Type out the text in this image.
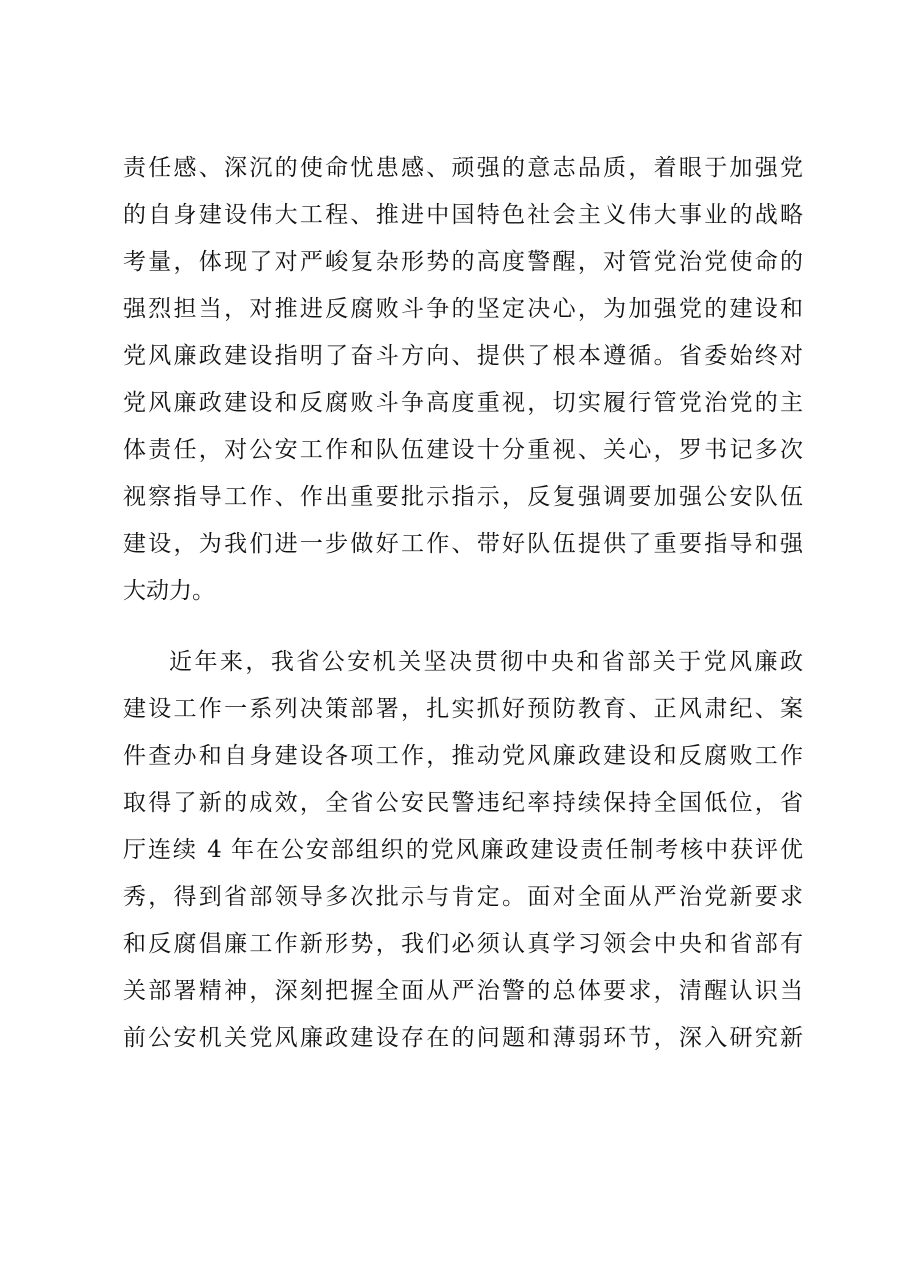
责任感、深沉的使命忧患感、顽强的意志品质，着眼于加强党
的自身建设伟大工程、推进中国特色社会主义伟大事业的战略
考量，体现了对严峻复杂形势的高度警醒，对管党治党使命的
强烈担当，对推进反腐败斗争的坚定决心，为加强党的建设和
党风廉政建设指明了奋斗方向、提供了根本遵循。省委始终对
党风廉政建设和反腐败斗争高度重视，切实履行管党治党的主
体责任，对公安工作和队伍建设十分重视、关心，罗书记多次
视察指导工作、作出重要批示指示，反复强调要加强公安队伍
建设，为我们进一步做好工作、带好队伍提供了重要指导和强
大动力。
近年来，我省公安机关坚决贯彻中央和省部关于党风廉政
建设工作一系列决策部署，扎实抓好预防教育、正风肃纪、案
件查办和自身建设各项工作，推动党风廉政建设和反腐败工作
取得了新的成效，全省公安民警违纪率持续保持全国低位，省
厅连续 4 年在公安部组织的党风廉政建设责任制考核中获评优
秀，得到省部领导多次批示与肯定。面对全面从严治党新要求
和反腐倡廉工作新形势，我们必须认真学习领会中央和省部有
关部署精神，深刻把握全面从严治警的总体要求，清醒认识当
前公安机关党风廉政建设存在的问题和薄弱环节，深入研究新
